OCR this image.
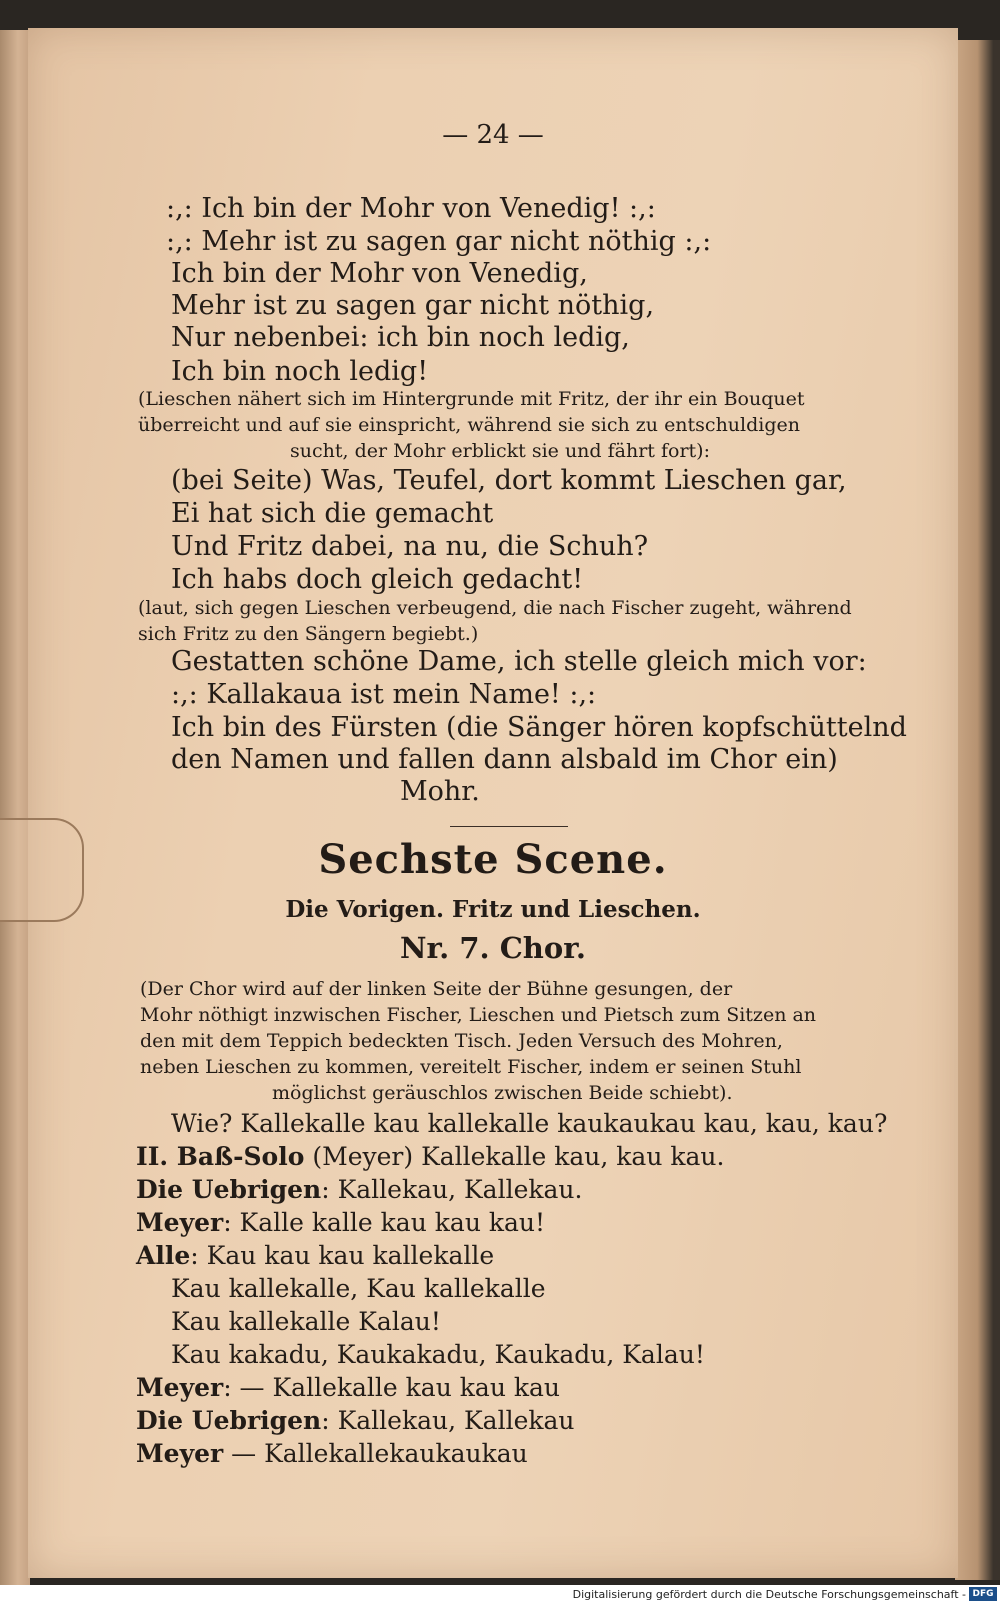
— 24 —
:,: Ich bin der Mohr von Venedig! :,:
:,: Mehr ist zu sagen gar nicht nöthig :,:
Ich bin der Mohr von Venedig,
Mehr ist zu sagen gar nicht nöthig,
Nur nebenbei: ich bin noch ledig,
Ich bin noch ledig!
(Lieschen nähert sich im Hintergrunde mit Fritz, der ihr ein Bouquet
überreicht und auf sie einspricht, während sie sich zu entschuldigen
sucht, der Mohr erblickt sie und fährt fort):
(bei Seite) Was, Teufel, dort kommt Lieschen gar,
Ei hat sich die gemacht
Und Fritz dabei, na nu, die Schuh?
Ich habs doch gleich gedacht!
(laut, sich gegen Lieschen verbeugend, die nach Fischer zugeht, während
sich Fritz zu den Sängern begiebt.)
Gestatten schöne Dame, ich stelle gleich mich vor:
:,: Kallakaua ist mein Name! :,:
Ich bin des Fürsten (die Sänger hören kopfschüttelnd
den Namen und fallen dann alsbald im Chor ein)
Mohr.
Sechste Scene.
Die Vorigen. Fritz und Lieschen.
Nr. 7. Chor.
(Der Chor wird auf der linken Seite der Bühne gesungen, der
Mohr nöthigt inzwischen Fischer, Lieschen und Pietsch zum Sitzen an
den mit dem Teppich bedeckten Tisch. Jeden Versuch des Mohren,
neben Lieschen zu kommen, vereitelt Fischer, indem er seinen Stuhl
möglichst geräuschlos zwischen Beide schiebt).
Wie? Kallekalle kau kallekalle kaukaukau kau, kau, kau?
II. Baß-Solo (Meyer) Kallekalle kau, kau kau.
Die Uebrigen: Kallekau, Kallekau.
Meyer: Kalle kalle kau kau kau!
Alle: Kau kau kau kallekalle
Kau kallekalle, Kau kallekalle
Kau kallekalle Kalau!
Kau kakadu, Kaukakadu, Kaukadu, Kalau!
Meyer: — Kallekalle kau kau kau
Die Uebrigen: Kallekau, Kallekau
Meyer — Kallekallekaukaukau
Digitalisierung gefördert durch die Deutsche Forschungsgemeinschaft - DFG
